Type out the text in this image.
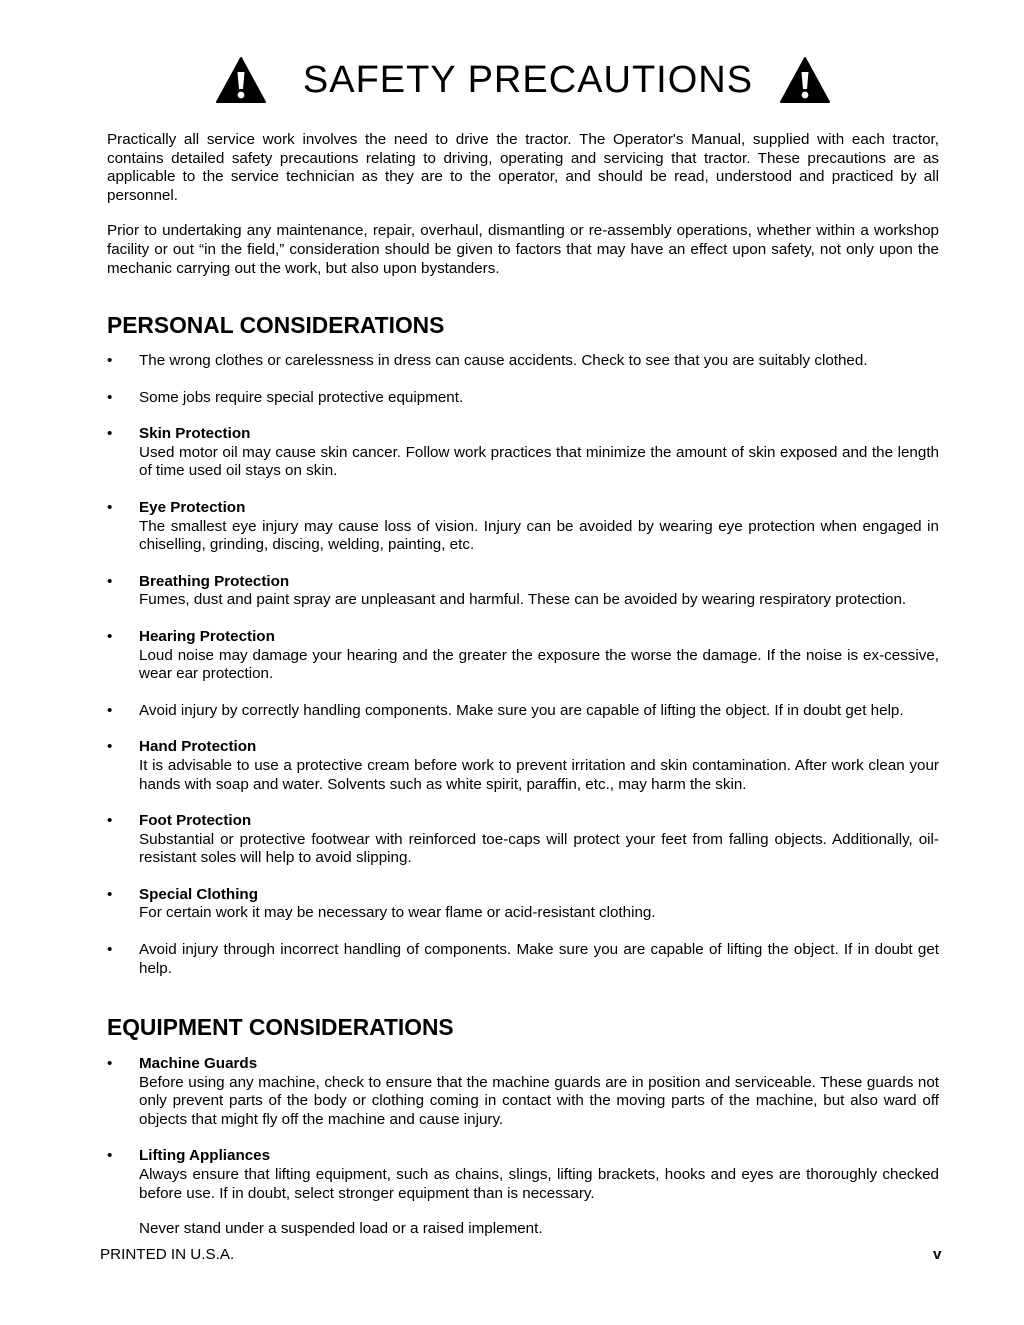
SAFETY PRECAUTIONS

Practically all service work involves the need to drive the tractor. The Operator's Manual, supplied with each tractor, contains detailed safety precautions relating to driving, operating and servicing that tractor. These precautions are as applicable to the service technician as they are to the operator, and should be read, understood and practiced by all personnel.

Prior to undertaking any maintenance, repair, overhaul, dismantling or re-assembly operations, whether within a workshop facility or out “in the field,” consideration should be given to factors that may have an effect upon safety, not only upon the mechanic carrying out the work, but also upon bystanders.

PERSONAL CONSIDERATIONS
•	The wrong clothes or carelessness in dress can cause accidents. Check to see that you are suitably clothed.
•	Some jobs require special protective equipment.
•	Skin Protection
Used motor oil may cause skin cancer. Follow work practices that minimize the amount of skin exposed and the length of time used oil stays on skin.
•	Eye Protection
The smallest eye injury may cause loss of vision. Injury can be avoided by wearing eye protection when engaged in chiselling, grinding, discing, welding, painting, etc.
•	Breathing Protection
Fumes, dust and paint spray are unpleasant and harmful. These can be avoided by wearing respiratory protection.
•	Hearing Protection
Loud noise may damage your hearing and the greater the exposure the worse the damage. If the noise is ex-cessive, wear ear protection.
•	Avoid injury by correctly handling components. Make sure you are capable of lifting the object. If in doubt get help.
•	Hand Protection
It is advisable to use a protective cream before work to prevent irritation and skin contamination. After work clean your hands with soap and water. Solvents such as white spirit, paraffin, etc., may harm the skin.
•	Foot Protection
Substantial or protective footwear with reinforced toe-caps will protect your feet from falling objects. Additionally, oil-resistant soles will help to avoid slipping.
•	Special Clothing
For certain work it may be necessary to wear flame or acid-resistant clothing.
•	Avoid injury through incorrect handling of components. Make sure you are capable of lifting the object. If in doubt get help.
EQUIPMENT CONSIDERATIONS
•	Machine Guards
Before using any machine, check to ensure that the machine guards are in position and serviceable. These guards not only prevent parts of the body or clothing coming in contact with the moving parts of the machine, but also ward off objects that might fly off the machine and cause injury.
•	Lifting Appliances
Always ensure that lifting equipment, such as chains, slings, lifting brackets, hooks and eyes are thoroughly checked before use. If in doubt, select stronger equipment than is necessary.

Never stand under a suspended load or a raised implement.

PRINTED IN U.S.A.	v
